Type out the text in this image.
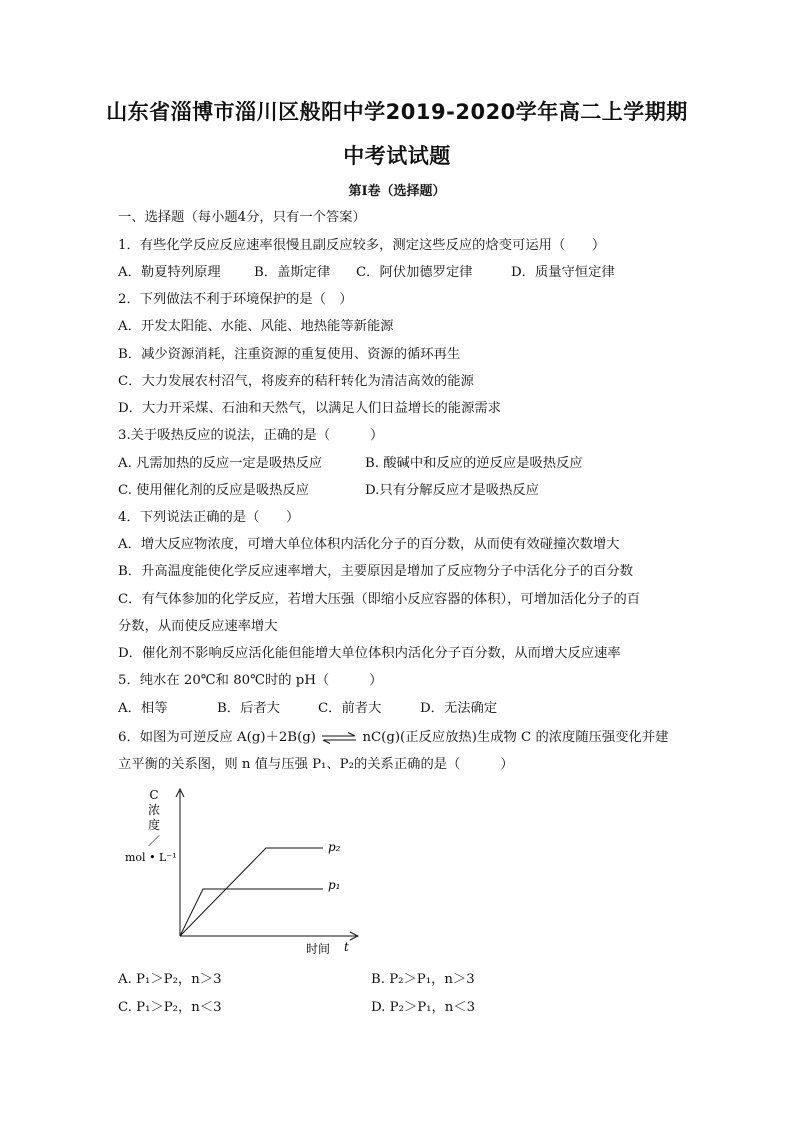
山东省淄博市淄川区般阳中学2019-2020学年高二上学期期
中考试试题
第Ⅰ卷（选择题）
一、选择题（每小题4分，只有一个答案）
1．有些化学反应反应速率很慢且副反应较多，测定这些反应的焓变可运用（　　）
A．勒夏特列原理	B．盖斯定律 C．阿伏加德罗定律	D．质量守恒定律
2．下列做法不利于环境保护的是（　）
A．开发太阳能、水能、风能、地热能等新能源
B．减少资源消耗，注重资源的重复使用、资源的循环再生
C．大力发展农村沼气，将废弃的秸秆转化为清洁高效的能源
D．大力开采煤、石油和天然气，以满足人们日益增长的能源需求
3.关于吸热反应的说法，正确的是（　　　）
A. 凡需加热的反应一定是吸热反应	B. 酸碱中和反应的逆反应是吸热反应
C. 使用催化剂的反应是吸热反应	D.只有分解反应才是吸热反应
4．下列说法正确的是（　　）
A．增大反应物浓度，可增大单位体积内活化分子的百分数，从而使有效碰撞次数增大
B．升高温度能使化学反应速率增大，主要原因是增加了反应物分子中活化分子的百分数
C．有气体参加的化学反应，若增大压强（即缩小反应容器的体积），可增加活化分子的百
分数，从而使反应速率增大
D．催化剂不影响反应活化能但能增大单位体积内活化分子百分数，从而增大反应速率
5．纯水在 20℃和 80℃时的 pH（　　　）
A．相等	B．后者大	C．前者大	D．无法确定
6．如图为可逆反应 A(g)＋2B(g) ⇌ nC(g)(正反应放热)生成物 C 的浓度随压强变化并建
立平衡的关系图，则 n 值与压强 P₁、P₂的关系正确的是（　　　）
C
浓
度
／
mol • L⁻¹
p₂
p₁
时间 t
A. P₁＞P₂，n＞3	B. P₂＞P₁，n＞3
C. P₁＞P₂，n＜3	D. P₂＞P₁，n＜3
